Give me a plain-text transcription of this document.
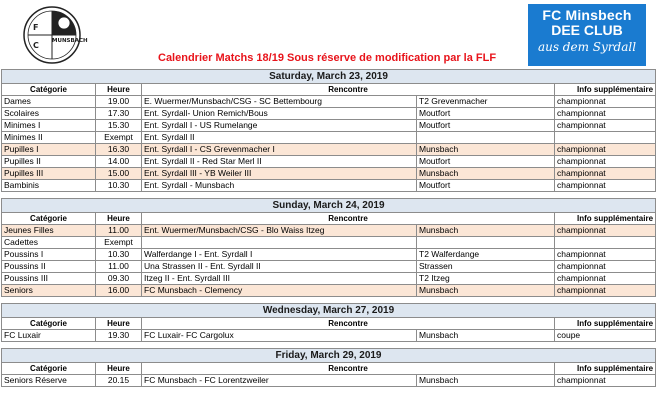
F
C MUNSBACH
Calendrier Matchs 18/19 Sous réserve de modification par la FLF
FC Minsbech
DEE CLUB
aus dem Syrdall
Saturday, March 23, 2019				
Catégorie	Heure	Rencontre		Info supplémentaire
Dames	19.00	E. Wuermer/Munsbach/CSG - SC Bettembourg	T2 Grevenmacher	championnat
Scolaires	17.30	Ent. Syrdall- Union Remich/Bous	Moutfort	championnat
Minimes I	15.30	Ent. Syrdall I - US Rumelange	Moutfort	championnat
Minimes II	Exempt	Ent. Syrdall II		
Pupilles I	16.30	Ent. Syrdall I - CS Grevenmacher I	Munsbach	championnat
Pupilles II	14.00	Ent. Syrdall II - Red Star Merl II	Moutfort	championnat
Pupilles III	15.00	Ent. Syrdall III - YB Weiler III	Munsbach	championnat
Bambinis	10.30	Ent. Syrdall - Munsbach	Moutfort	championnat

Sunday, March 24, 2019				
Catégorie	Heure	Rencontre		Info supplémentaire
Jeunes Filles	11.00	Ent. Wuermer/Munsbach/CSG - Blo Waiss Itzeg	Munsbach	championnat
Cadettes	Exempt			
Poussins I	10.30	Walferdange I - Ent. Syrdall I	T2 Walferdange	championnat
Poussins II	11.00	Una Strassen II - Ent. Syrdall II	Strassen	championnat
Poussins III	09.30	Itzeg II - Ent. Syrdall III	T2 Itzeg	championnat
Seniors	16.00	FC Munsbach - Clemency	Munsbach	championnat

Wednesday, March 27, 2019				
Catégorie	Heure	Rencontre		Info supplémentaire
FC Luxair	19.30	FC Luxair- FC Cargolux	Munsbach	coupe

Friday, March 29, 2019				
Catégorie	Heure	Rencontre		Info supplémentaire
Seniors Réserve	20.15	FC Munsbach - FC Lorentzweiler	Munsbach	championnat
